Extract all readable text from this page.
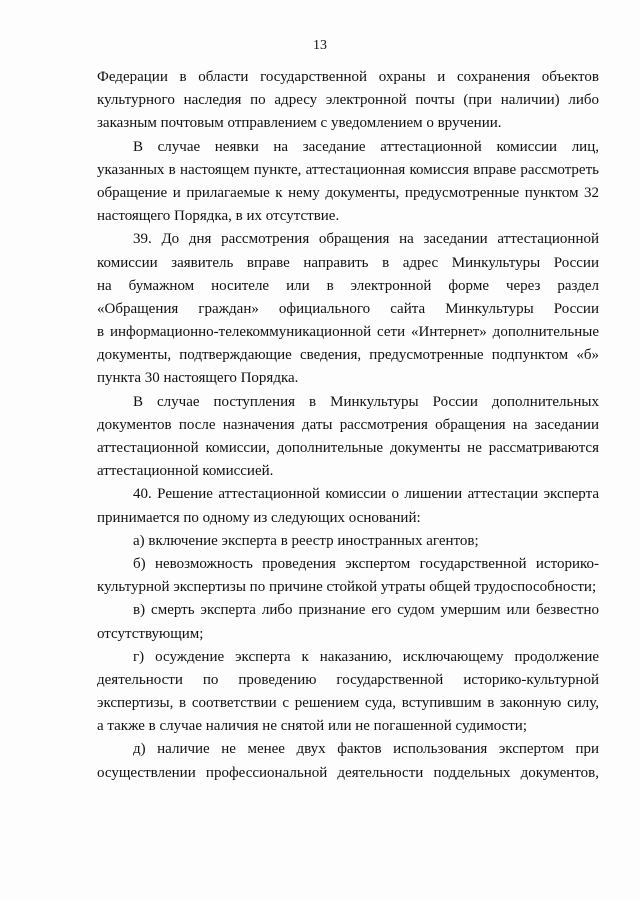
13

Федерации в области государственной охраны и сохранения объектов
культурного наследия по адресу электронной почты (при наличии) либо
заказным почтовым отправлением с уведомлением о вручении.

В случае неявки на заседание аттестационной комиссии лиц,
указанных в настоящем пункте, аттестационная комиссия вправе рассмотреть
обращение и прилагаемые к нему документы, предусмотренные пунктом 32
настоящего Порядка, в их отсутствие.

39. До дня рассмотрения обращения на заседании аттестационной
комиссии заявитель вправе направить в адрес Минкультуры России
на бумажном носителе или в электронной форме через раздел
«Обращения граждан» официального сайта Минкультуры России
в информационно-телекоммуникационной сети «Интернет» дополнительные
документы, подтверждающие сведения, предусмотренные подпунктом «б»
пункта 30 настоящего Порядка.

В случае поступления в Минкультуры России дополнительных
документов после назначения даты рассмотрения обращения на заседании
аттестационной комиссии, дополнительные документы не рассматриваются
аттестационной комиссией.

40. Решение аттестационной комиссии о лишении аттестации эксперта
принимается по одному из следующих оснований:

а) включение эксперта в реестр иностранных агентов;

б) невозможность проведения экспертом государственной историко-
культурной экспертизы по причине стойкой утраты общей трудоспособности;

в) смерть эксперта либо признание его судом умершим или безвестно
отсутствующим;

г) осуждение эксперта к наказанию, исключающему продолжение
деятельности по проведению государственной историко-культурной
экспертизы, в соответствии с решением суда, вступившим в законную силу,
а также в случае наличия не снятой или не погашенной судимости;

д) наличие не менее двух фактов использования экспертом при
осуществлении профессиональной деятельности поддельных документов,
